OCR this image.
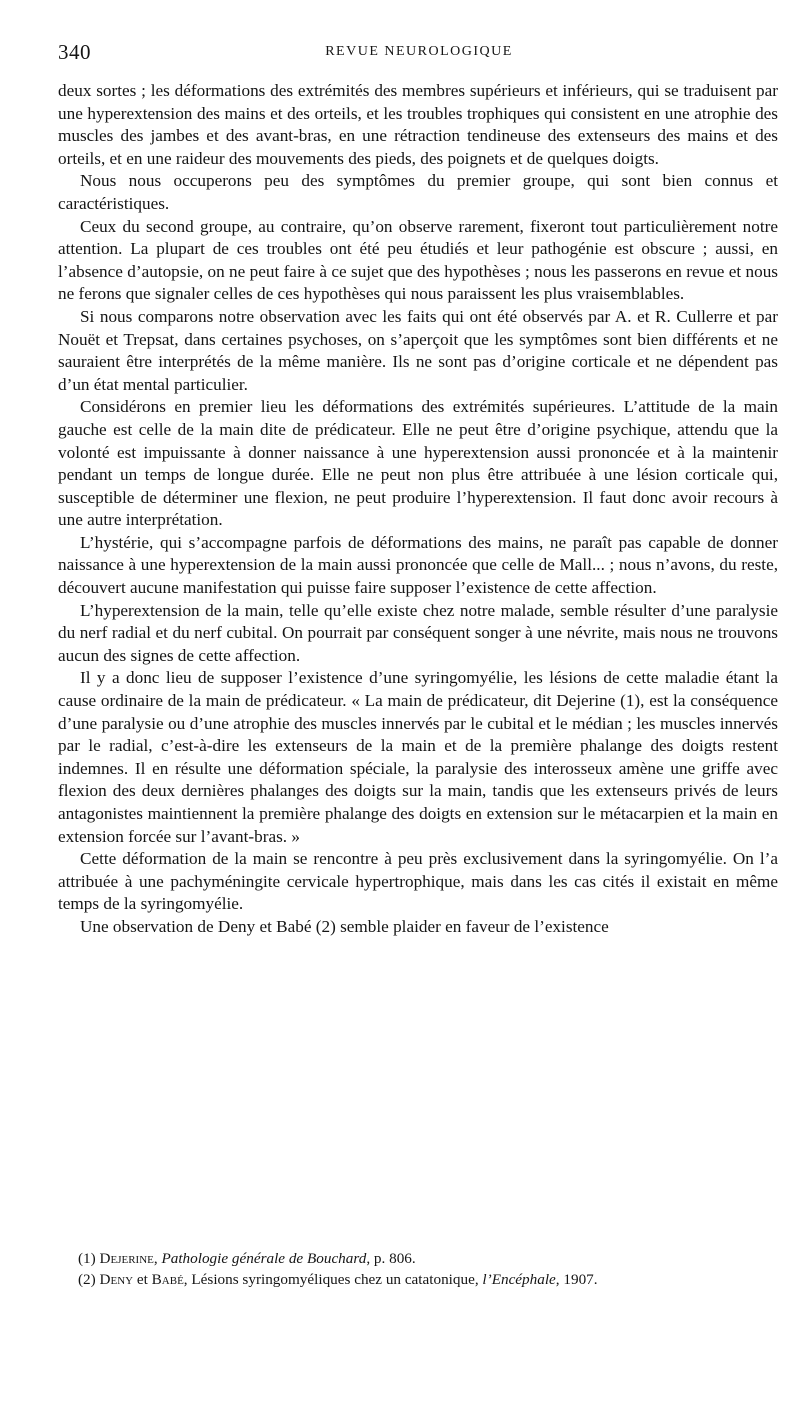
340	REVUE NEUROLOGIQUE

deux sortes ; les déformations des extrémités des membres supérieurs et inférieurs, qui se traduisent par une hyperextension des mains et des orteils, et les troubles trophiques qui consistent en une atrophie des muscles des jambes et des avant-bras, en une rétraction tendineuse des extenseurs des mains et des orteils, et en une raideur des mouvements des pieds, des poignets et de quelques doigts.

Nous nous occuperons peu des symptômes du premier groupe, qui sont bien connus et caractéristiques.

Ceux du second groupe, au contraire, qu’on observe rarement, fixeront tout particulièrement notre attention. La plupart de ces troubles ont été peu étudiés et leur pathogénie est obscure ; aussi, en l’absence d’autopsie, on ne peut faire à ce sujet que des hypothèses ; nous les passerons en revue et nous ne ferons que signaler celles de ces hypothèses qui nous paraissent les plus vraisemblables.

Si nous comparons notre observation avec les faits qui ont été observés par A. et R. Cullerre et par Nouët et Trepsat, dans certaines psychoses, on s’aperçoit que les symptômes sont bien différents et ne sauraient être interprétés de la même manière. Ils ne sont pas d’origine corticale et ne dépendent pas d’un état mental particulier.

Considérons en premier lieu les déformations des extrémités supérieures. L’attitude de la main gauche est celle de la main dite de prédicateur. Elle ne peut être d’origine psychique, attendu que la volonté est impuissante à donner naissance à une hyperextension aussi prononcée et à la maintenir pendant un temps de longue durée. Elle ne peut non plus être attribuée à une lésion corticale qui, susceptible de déterminer une flexion, ne peut produire l’hyperextension. Il faut donc avoir recours à une autre interprétation.

L’hystérie, qui s’accompagne parfois de déformations des mains, ne paraît pas capable de donner naissance à une hyperextension de la main aussi prononcée que celle de Mall... ; nous n’avons, du reste, découvert aucune manifestation qui puisse faire supposer l’existence de cette affection.

L’hyperextension de la main, telle qu’elle existe chez notre malade, semble résulter d’une paralysie du nerf radial et du nerf cubital. On pourrait par conséquent songer à une névrite, mais nous ne trouvons aucun des signes de cette affection.

Il y a donc lieu de supposer l’existence d’une syringomyélie, les lésions de cette maladie étant la cause ordinaire de la main de prédicateur. « La main de prédicateur, dit Dejerine (1), est la conséquence d’une paralysie ou d’une atrophie des muscles innervés par le cubital et le médian ; les muscles innervés par le radial, c’est-à-dire les extenseurs de la main et de la première phalange des doigts restent indemnes. Il en résulte une déformation spéciale, la paralysie des interosseux amène une griffe avec flexion des deux dernières phalanges des doigts sur la main, tandis que les extenseurs privés de leurs antagonistes maintiennent la première phalange des doigts en extension sur le métacarpien et la main en extension forcée sur l’avant-bras. »

Cette déformation de la main se rencontre à peu près exclusivement dans la syringomyélie. On l’a attribuée à une pachyméningite cervicale hypertrophique, mais dans les cas cités il existait en même temps de la syringomyélie.

Une observation de Deny et Babé (2) semble plaider en faveur de l’existence

(1) Dejerine, Pathologie générale de Bouchard, p. 806.

(2) Deny et Babé, Lésions syringomyéliques chez un catatonique, l’Encéphale, 1907.
